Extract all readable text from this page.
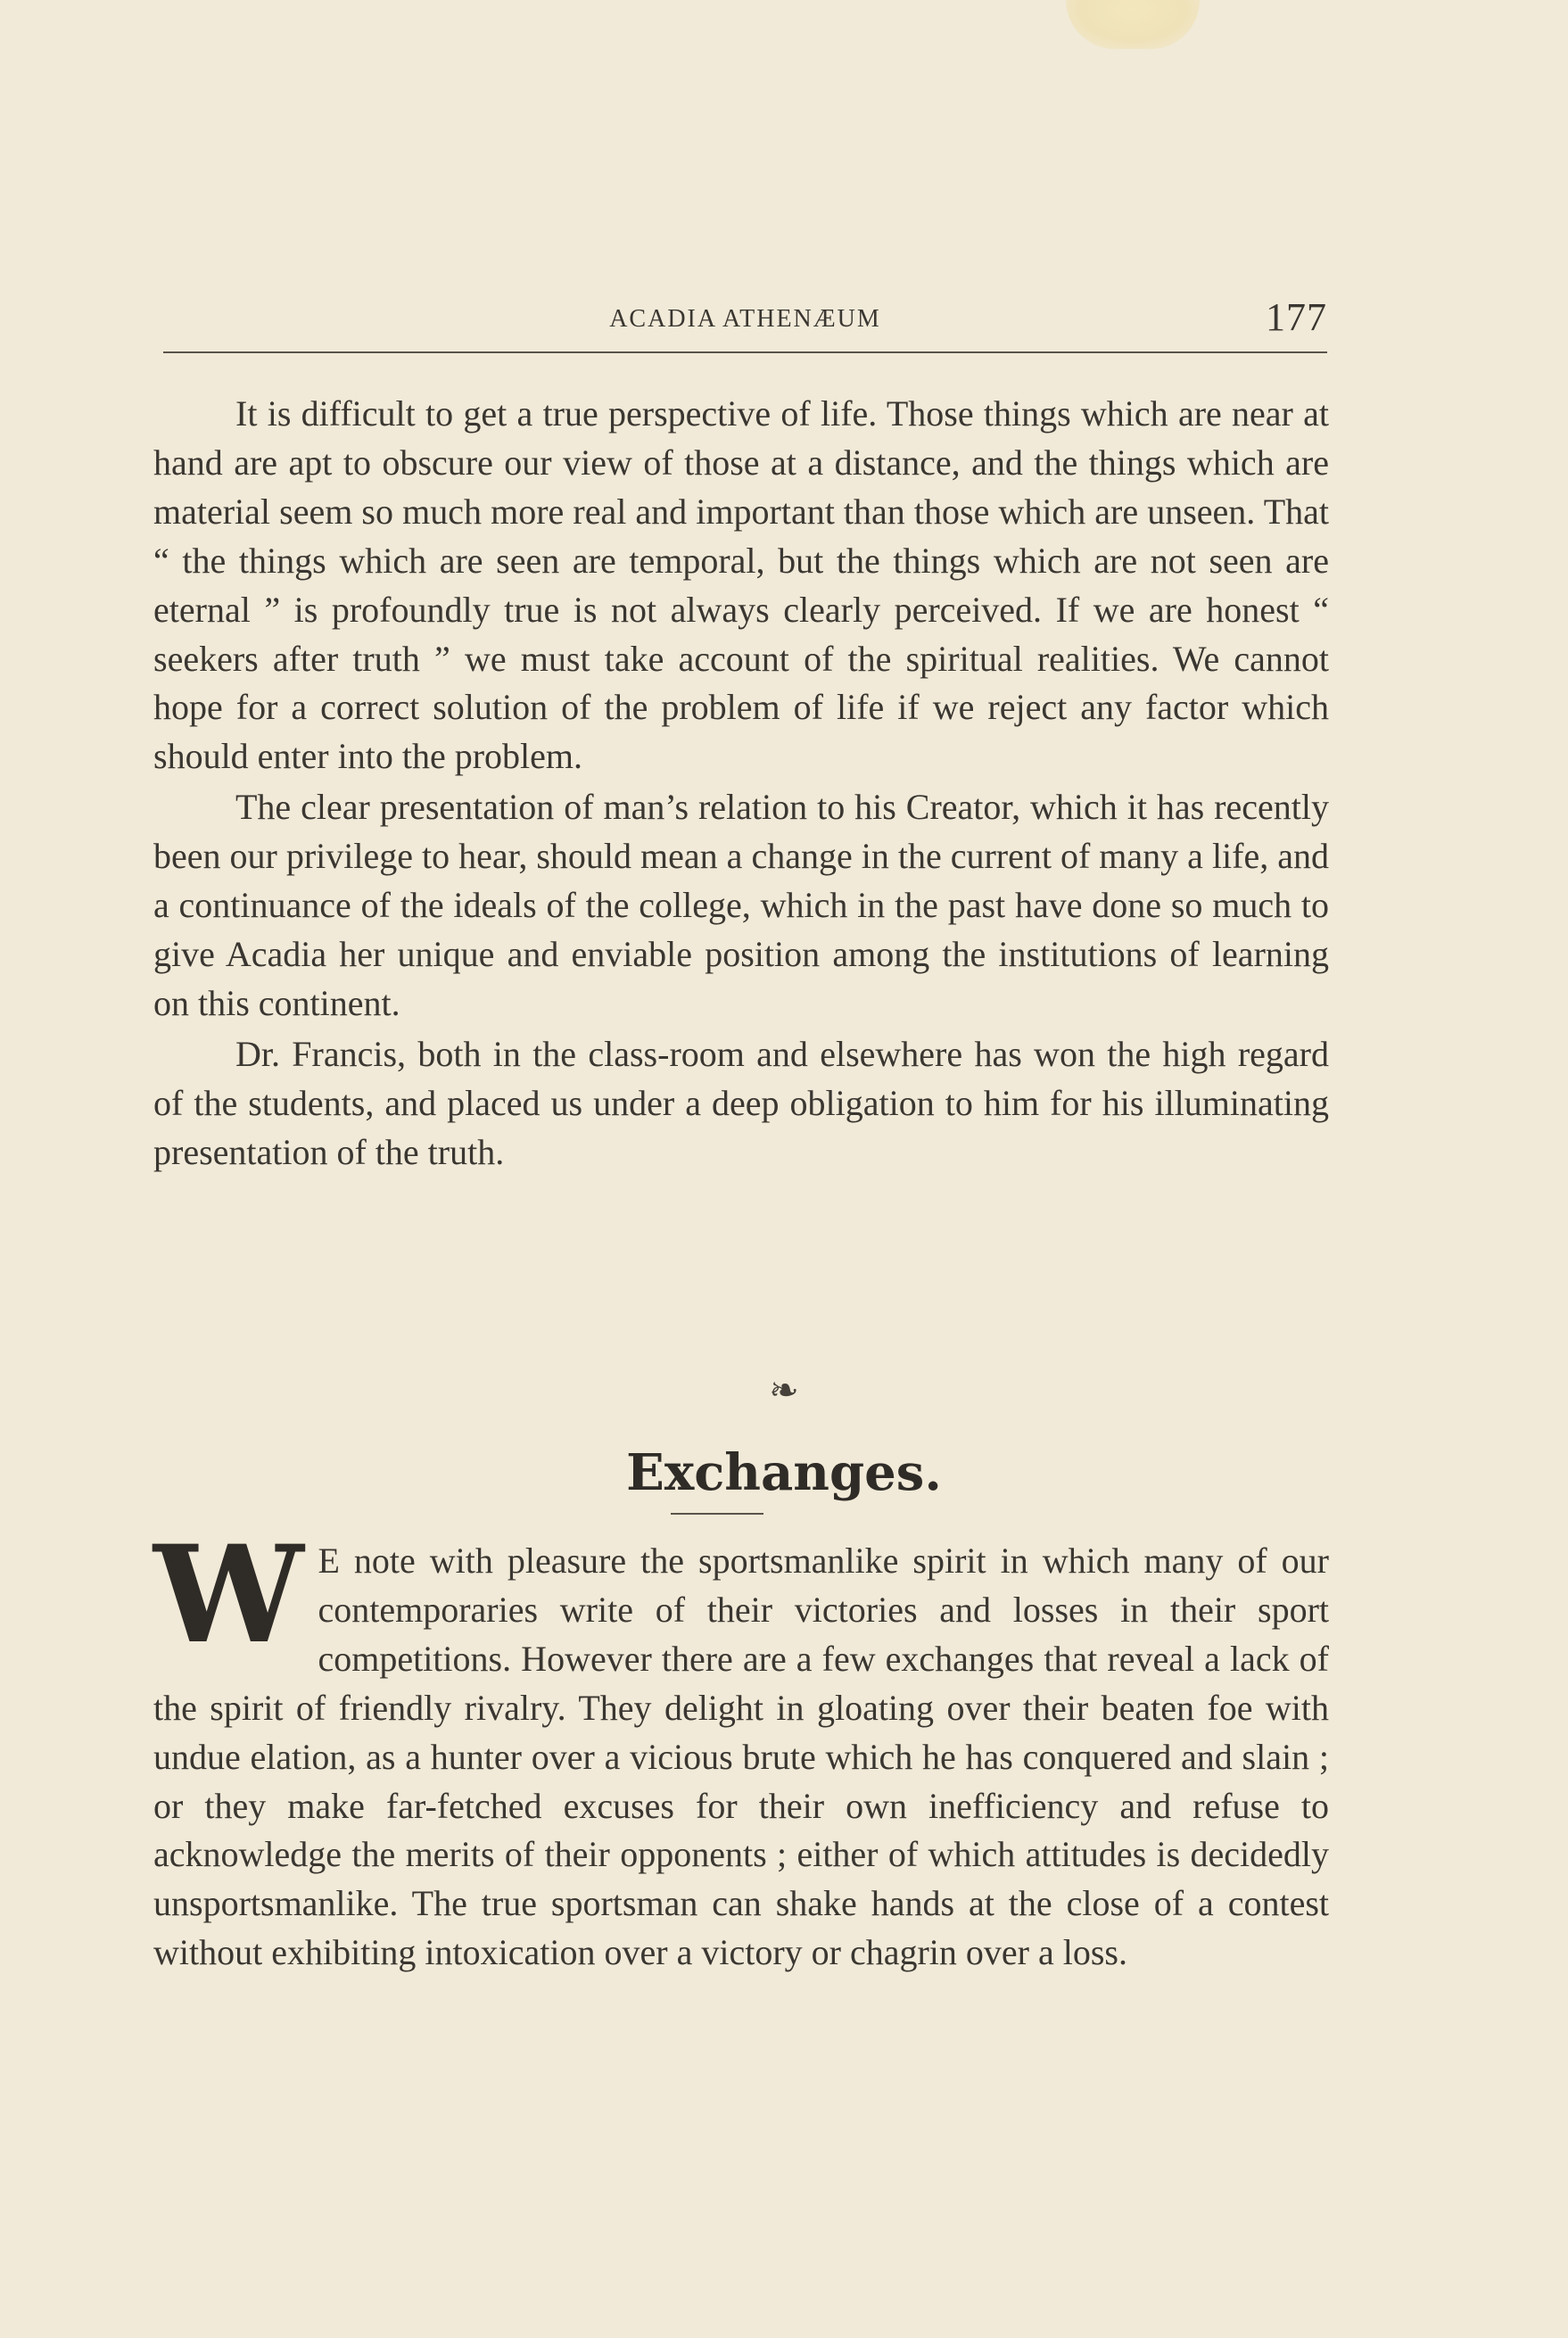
ACADIA ATHENÆUM	177

It is difficult to get a true perspective of life. Those things which are near at hand are apt to obscure our view of those at a distance, and the things which are material seem so much more real and important than those which are unseen. That “ the things which are seen are temporal, but the things which are not seen are eternal ” is profoundly true is not always clearly perceived. If we are honest “ seekers after truth ” we must take account of the spiritual realities. We cannot hope for a correct solution of the problem of life if we reject any factor which should enter into the problem.

The clear presentation of man’s relation to his Creator, which it has recently been our privilege to hear, should mean a change in the current of many a life, and a continuance of the ideals of the college, which in the past have done so much to give Acadia her unique and enviable position among the institutions of learning on this continent.

Dr. Francis, both in the class-room and elsewhere has won the high regard of the students, and placed us under a deep obligation to him for his illuminating presentation of the truth.

❧
Exchanges.

W E note with pleasure the sportsmanlike spirit in which many of our contemporaries write of their victories and losses in their sport competitions. However there are a few exchanges that reveal a lack of the spirit of friendly rivalry. They delight in gloating over their beaten foe with undue elation, as a hunter over a vicious brute which he has conquered and slain ; or they make far-fetched excuses for their own inefficiency and refuse to acknowledge the merits of their opponents ; either of which attitudes is decidedly unsportsmanlike. The true sportsman can shake hands at the close of a contest without exhibiting intoxication over a victory or chagrin over a loss.
